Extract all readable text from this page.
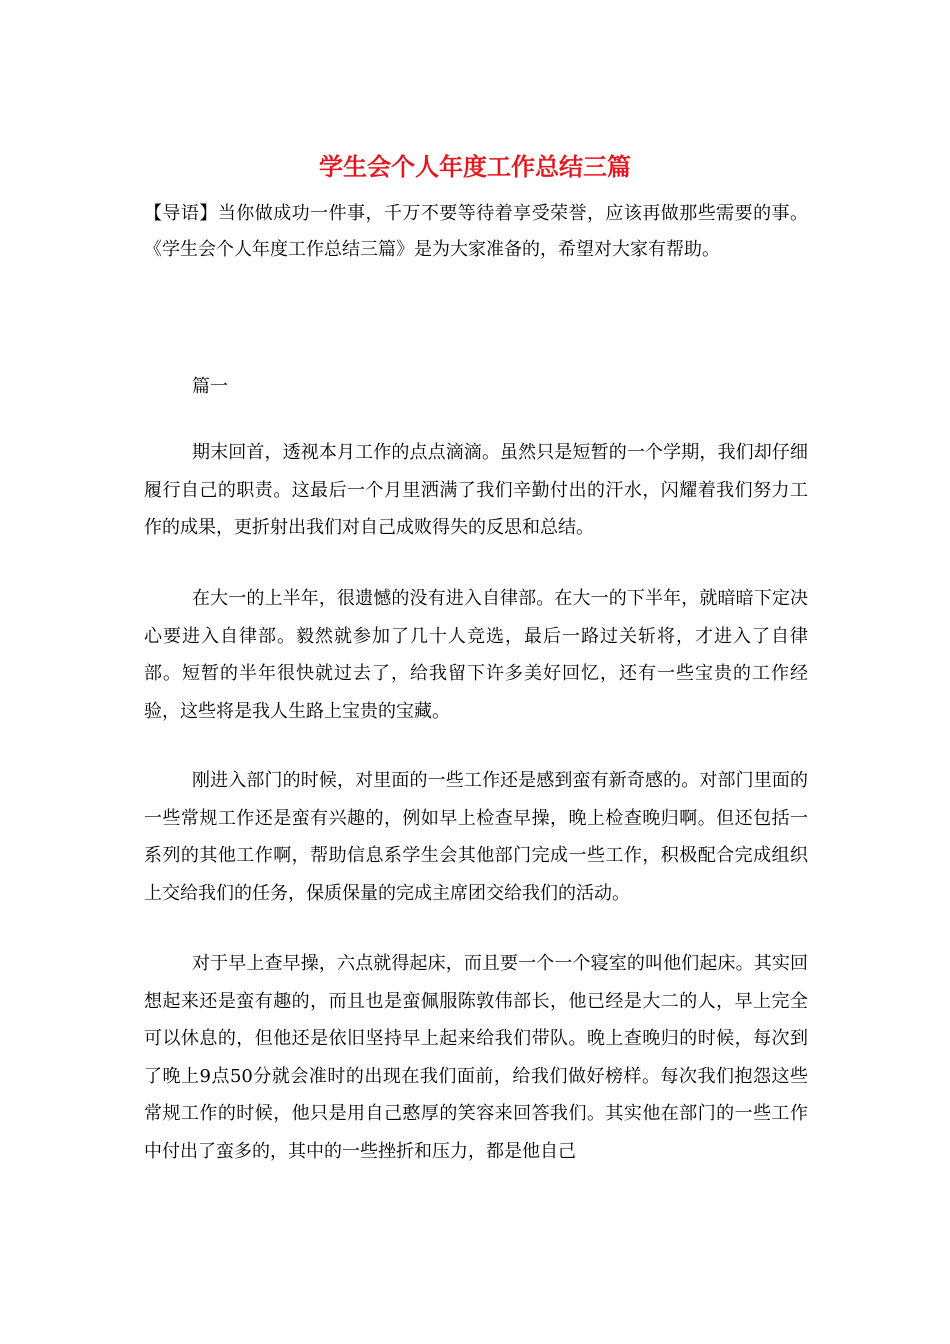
学生会个人年度工作总结三篇

【导语】当你做成功一件事，千万不要等待着享受荣誉，应该再做那些需要的事。《学生会个人年度工作总结三篇》是为大家准备的，希望对大家有帮助。

篇一

期末回首，透视本月工作的点点滴滴。虽然只是短暂的一个学期，我们却仔细履行自己的职责。这最后一个月里洒满了我们辛勤付出的汗水，闪耀着我们努力工作的成果，更折射出我们对自己成败得失的反思和总结。

在大一的上半年，很遗憾的没有进入自律部。在大一的下半年，就暗暗下定决心要进入自律部。毅然就参加了几十人竞选，最后一路过关斩将，才进入了自律部。短暂的半年很快就过去了，给我留下许多美好回忆，还有一些宝贵的工作经验，这些将是我人生路上宝贵的宝藏。

刚进入部门的时候，对里面的一些工作还是感到蛮有新奇感的。对部门里面的一些常规工作还是蛮有兴趣的，例如早上检查早操，晚上检查晚归啊。但还包括一系列的其他工作啊，帮助信息系学生会其他部门完成一些工作，积极配合完成组织上交给我们的任务，保质保量的完成主席团交给我们的活动。

对于早上查早操，六点就得起床，而且要一个一个寝室的叫他们起床。其实回想起来还是蛮有趣的，而且也是蛮佩服陈敦伟部长，他已经是大二的人，早上完全可以休息的，但他还是依旧坚持早上起来给我们带队。晚上查晚归的时候，每次到了晚上9点50分就会准时的出现在我们面前，给我们做好榜样。每次我们抱怨这些常规工作的时候，他只是用自己憨厚的笑容来回答我们。其实他在部门的一些工作中付出了蛮多的，其中的一些挫折和压力，都是他自己
